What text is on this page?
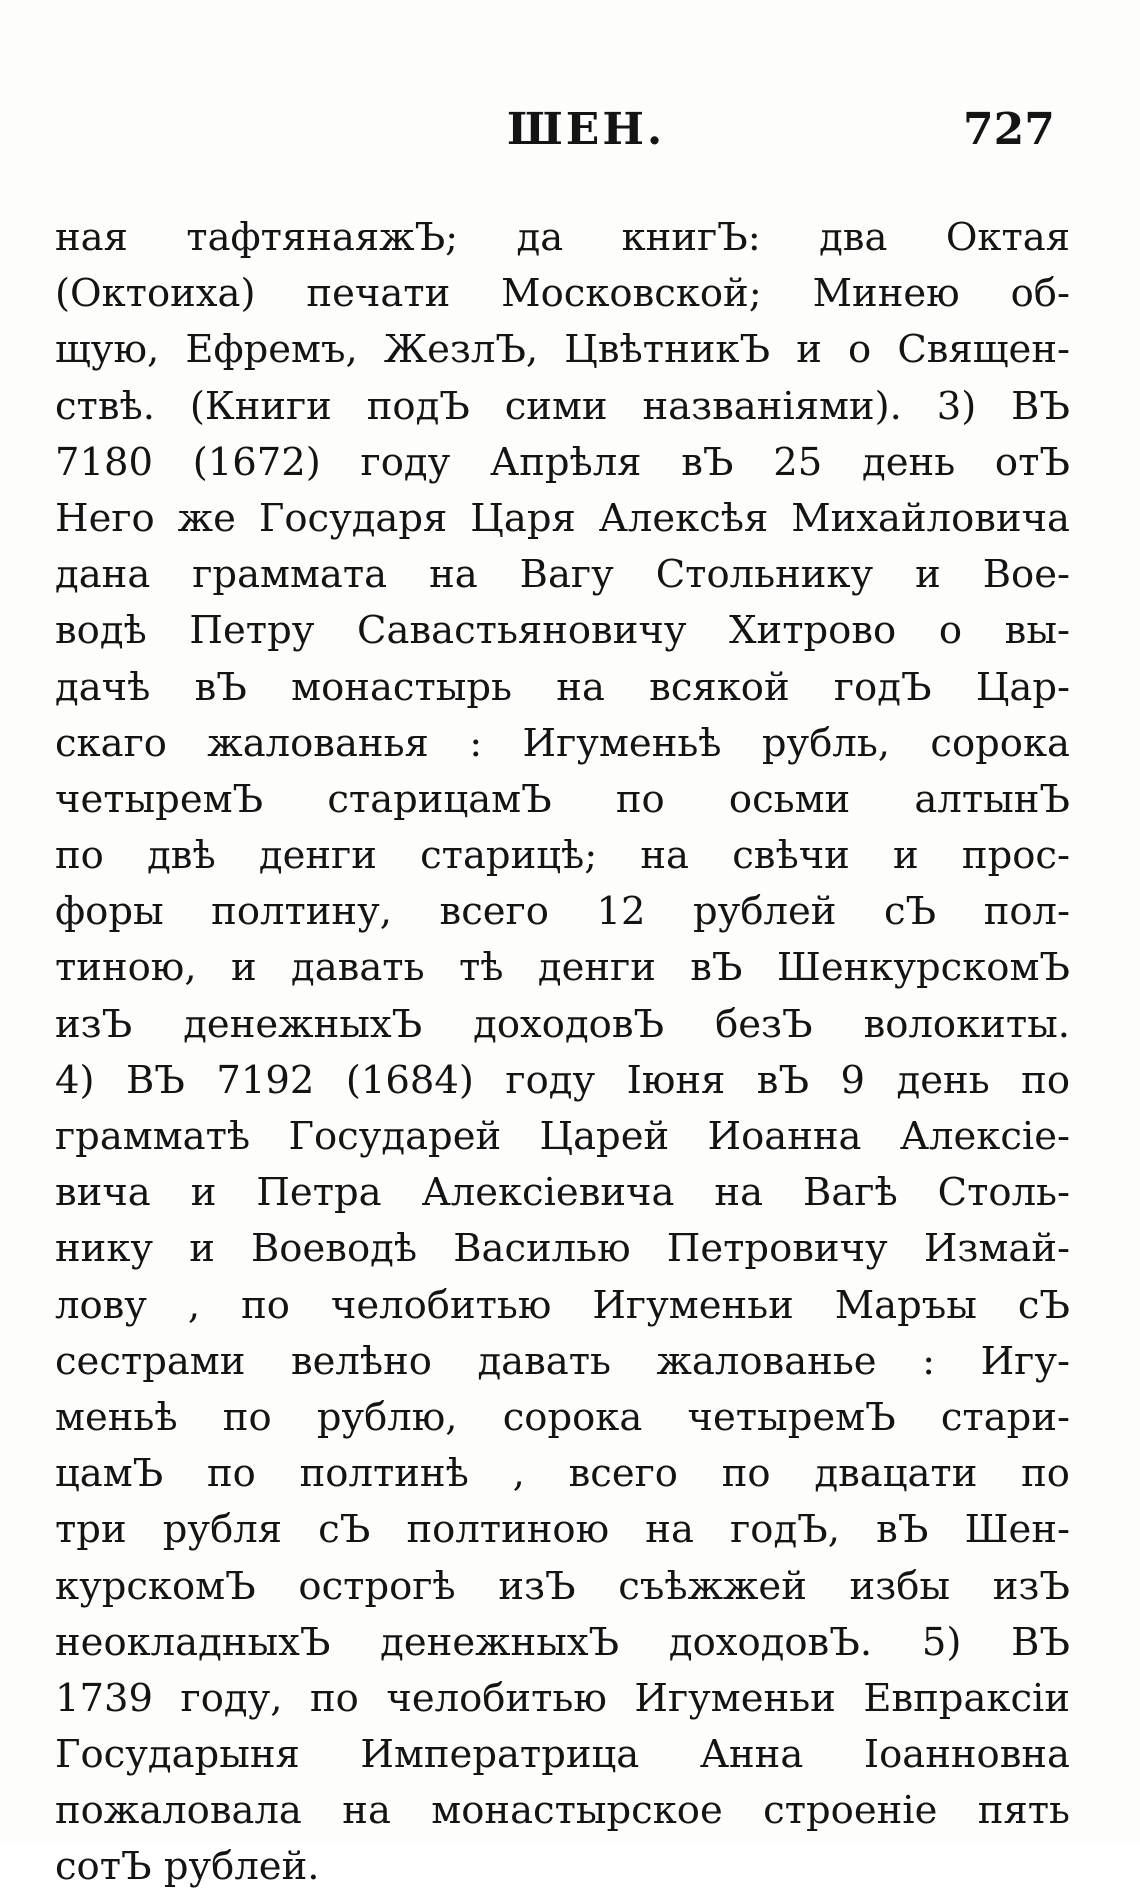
ШЕН.	727
ная тафтянаяжЪ; да книгЪ: два Октая
(Октоиха) печати Московской; Минею об-
щую, Ефремъ, ЖезлЪ, ЦвѣтникЪ и о Священ-
ствѣ. (Книги подЪ сими названiями). 3) ВЪ
7180 (1672) году Апрѣля вЪ 25 день отЪ
Него же Государя Царя Алексѣя Михайловича
дана граммата на Вагу Стольнику и Вое-
водѣ Петру Савастьяновичу Хитрово о вы-
дачѣ вЪ монастырь на всякой годЪ Цар-
скаго жалованья : Игуменьѣ рубль, сорока
четыремЪ старицамЪ по осьми алтынЪ
по двѣ денги старицѣ; на свѣчи и прос-
форы полтину, всего 12 рублей сЪ пол-
тиною, и давать тѣ денги вЪ ШенкурскомЪ
изЪ денежныхЪ доходовЪ безЪ волокиты.
4) ВЪ 7192 (1684) году Iюня вЪ 9 день по
грамматѣ Государей Царей Иоанна Алексiе-
вича и Петра Алексiевича на Вагѣ Столь-
нику и Воеводѣ Василью Петровичу Измай-
лову , по челобитью Игуменьи Маръы сЪ
сестрами велѣно давать жалованье : Игу-
меньѣ по рублю, сорока четыремЪ стари-
цамЪ по полтинѣ , всего по двацати по
три рубля сЪ полтиною на годЪ, вЪ Шен-
курскомЪ острогѣ изЪ съѣжжей избы изЪ
неокладныхЪ денежныхЪ доходовЪ. 5) ВЪ
1739 году, по челобитью Игуменьи Евпрaксiи
Государыня Императрица Анна Iоанновна
пожаловала на монастырское строенiе пять
сотЪ рублей.
